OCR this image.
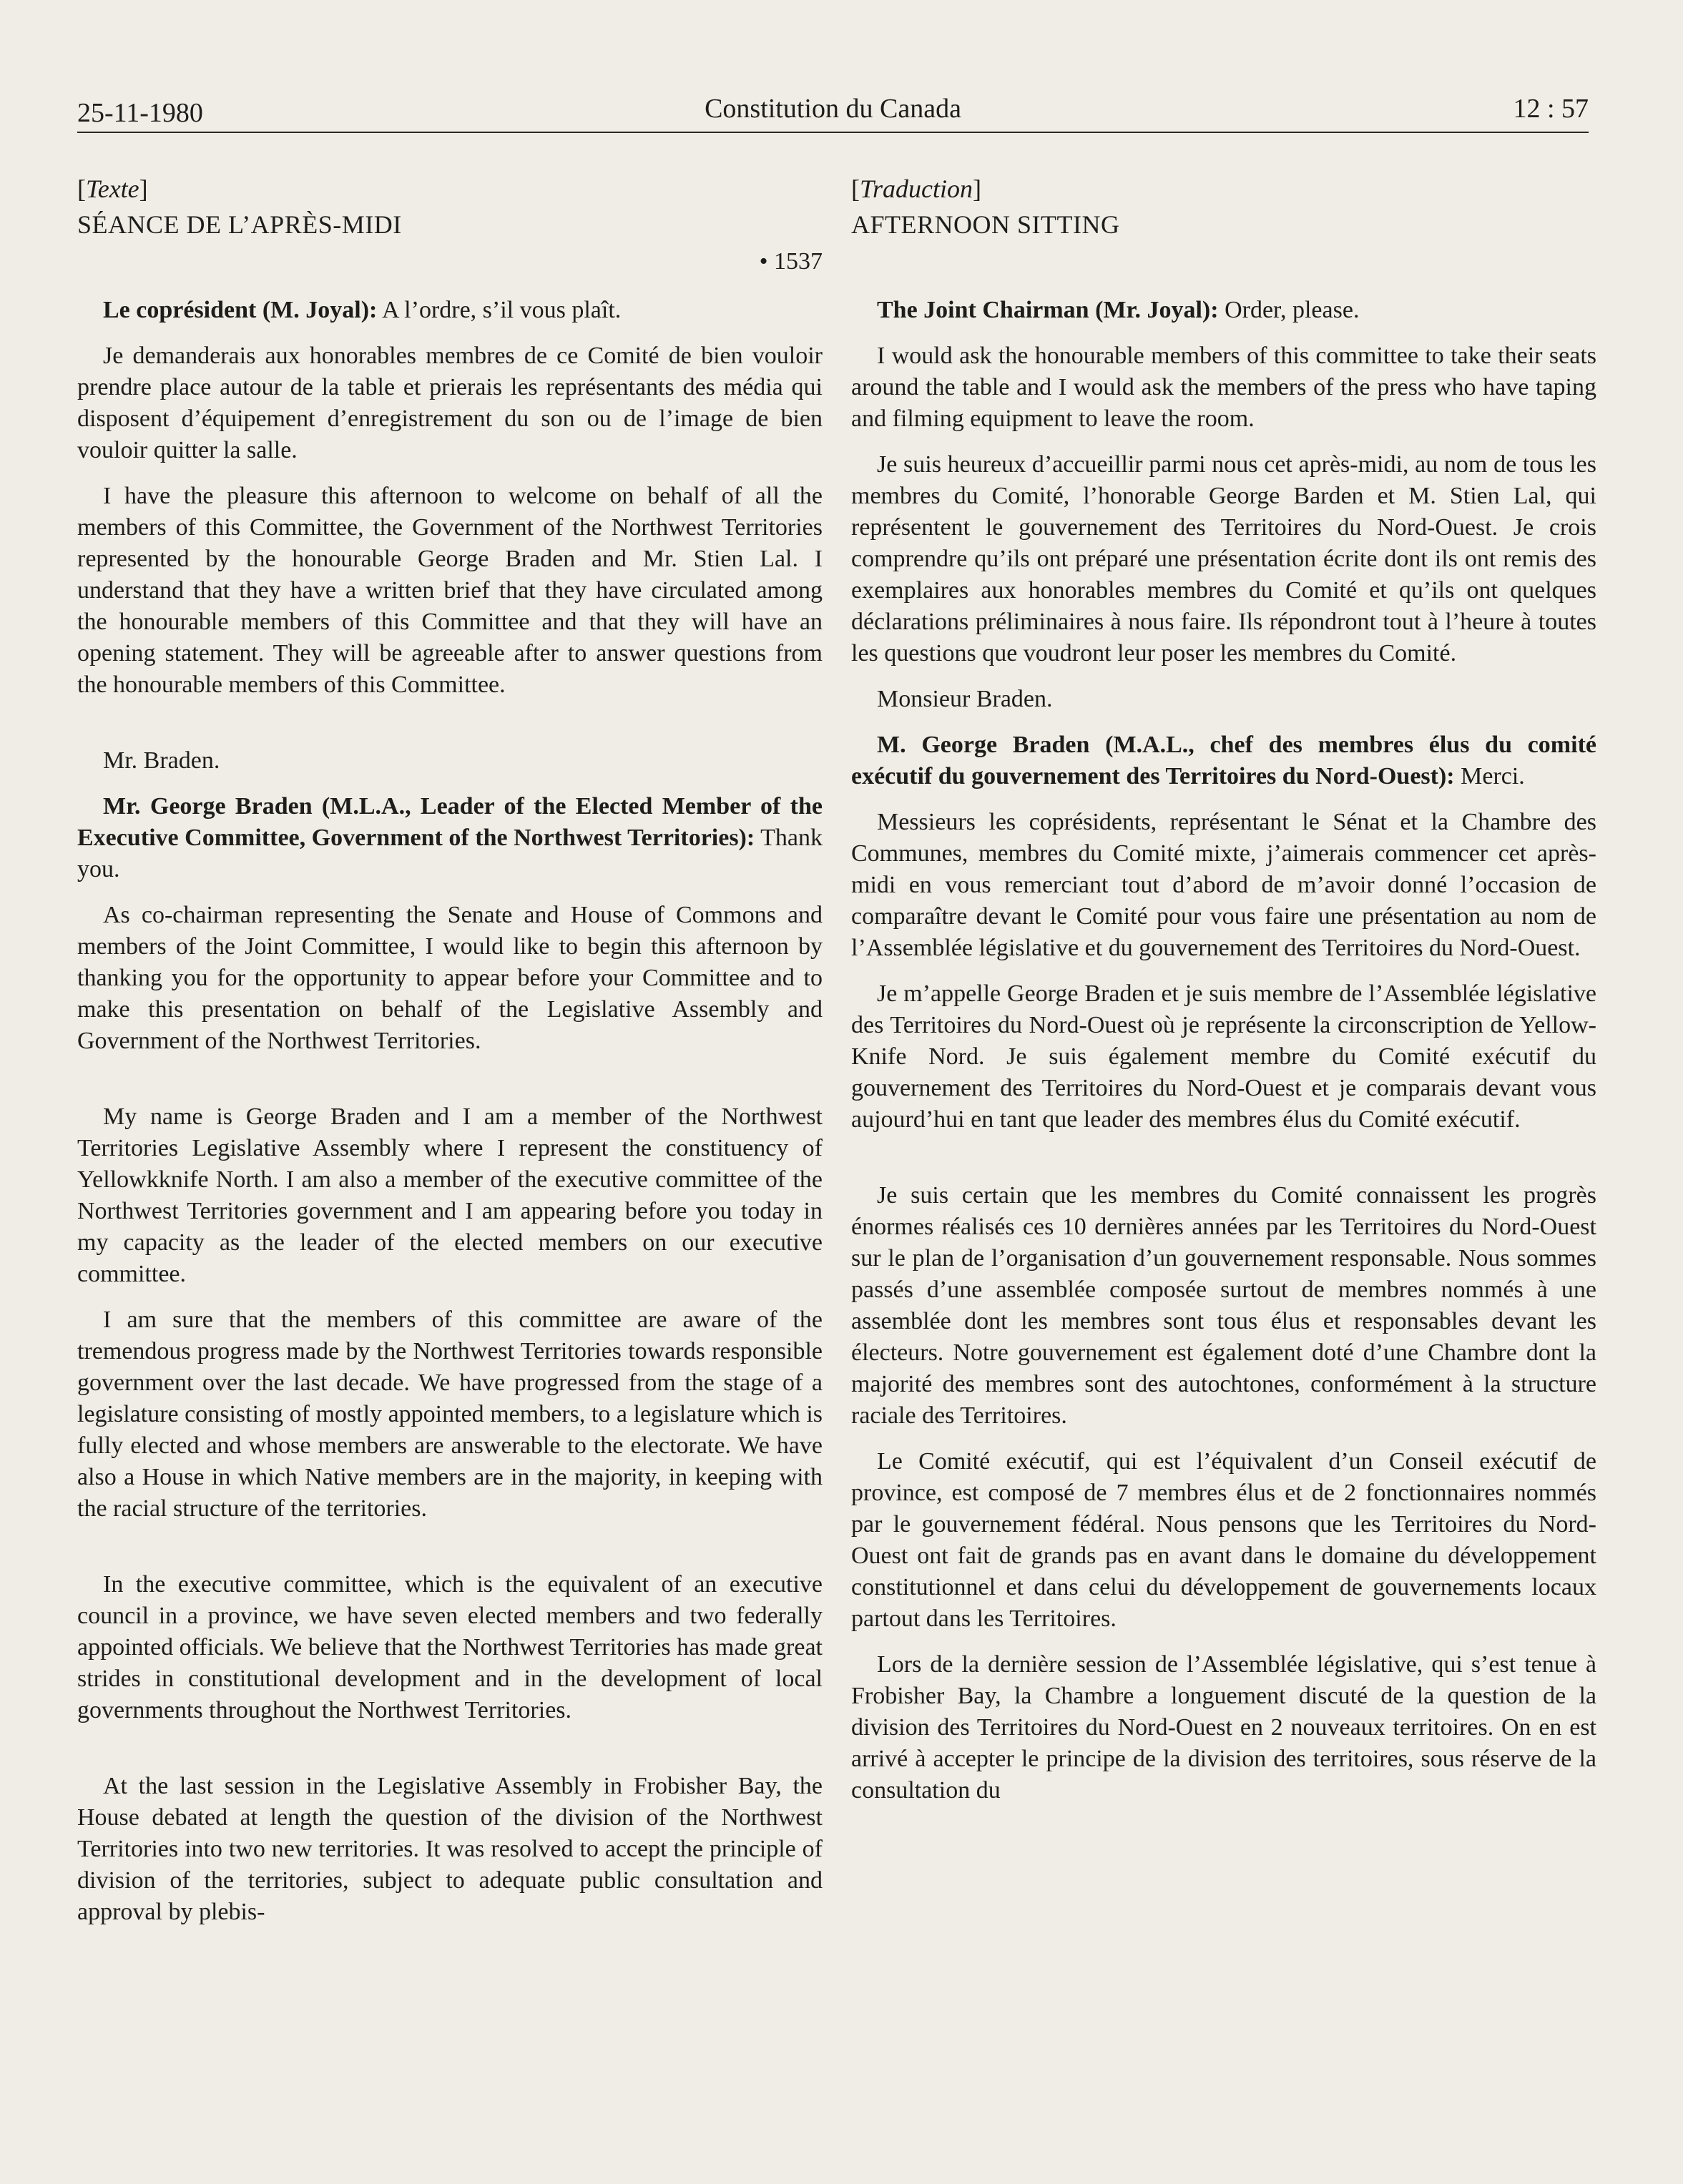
25-11-1980	Constitution du Canada	12 : 57
[Texte]
SÉANCE DE L’APRÈS-MIDI
• 1537

Le coprésident (M. Joyal): A l’ordre, s’il vous plaît.

Je demanderais aux honorables membres de ce Comité de bien vouloir prendre place autour de la table et prierais les représentants des média qui disposent d’équipement d’enregistrement du son ou de l’image de bien vouloir quitter la salle.

I have the pleasure this afternoon to welcome on behalf of all the members of this Committee, the Government of the Northwest Territories represented by the honourable George Braden and Mr. Stien Lal. I understand that they have a written brief that they have circulated among the honourable members of this Committee and that they will have an opening statement. They will be agreeable after to answer questions from the honourable members of this Committee.

Mr. Braden.

Mr. George Braden (M.L.A., Leader of the Elected Member of the Executive Committee, Government of the Northwest Territories): Thank you.

As co-chairman representing the Senate and House of Commons and members of the Joint Committee, I would like to begin this afternoon by thanking you for the opportunity to appear before your Committee and to make this presentation on behalf of the Legislative Assembly and Government of the Northwest Territories.

My name is George Braden and I am a member of the Northwest Territories Legislative Assembly where I represent the constituency of Yellowkknife North. I am also a member of the executive committee of the Northwest Territories government and I am appearing before you today in my capacity as the leader of the elected members on our executive committee.

I am sure that the members of this committee are aware of the tremendous progress made by the Northwest Territories towards responsible government over the last decade. We have progressed from the stage of a legislature consisting of mostly appointed members, to a legislature which is fully elected and whose members are answerable to the electorate. We have also a House in which Native members are in the majority, in keeping with the racial structure of the territories.

In the executive committee, which is the equivalent of an executive council in a province, we have seven elected members and two federally appointed officials. We believe that the Northwest Territories has made great strides in constitutional development and in the development of local governments throughout the Northwest Territories.

At the last session in the Legislative Assembly in Frobisher Bay, the House debated at length the question of the division of the Northwest Territories into two new territories. It was resolved to accept the principle of division of the territories, subject to adequate public consultation and approval by plebis-

[Traduction]
AFTERNOON SITTING

The Joint Chairman (Mr. Joyal): Order, please.

I would ask the honourable members of this committee to take their seats around the table and I would ask the members of the press who have taping and filming equipment to leave the room.

Je suis heureux d’accueillir parmi nous cet après-midi, au nom de tous les membres du Comité, l’honorable George Barden et M. Stien Lal, qui représentent le gouvernement des Territoires du Nord-Ouest. Je crois comprendre qu’ils ont préparé une présentation écrite dont ils ont remis des exemplaires aux honorables membres du Comité et qu’ils ont quelques déclarations préliminaires à nous faire. Ils répondront tout à l’heure à toutes les questions que voudront leur poser les membres du Comité.

Monsieur Braden.

M. George Braden (M.A.L., chef des membres élus du comité exécutif du gouvernement des Territoires du Nord-Ouest): Merci.

Messieurs les coprésidents, représentant le Sénat et la Chambre des Communes, membres du Comité mixte, j’aimerais commencer cet après-midi en vous remerciant tout d’abord de m’avoir donné l’occasion de comparaître devant le Comité pour vous faire une présentation au nom de l’Assemblée législative et du gouvernement des Territoires du Nord-Ouest.

Je m’appelle George Braden et je suis membre de l’Assemblée législative des Territoires du Nord-Ouest où je représente la circonscription de Yellow-Knife Nord. Je suis également membre du Comité exécutif du gouvernement des Territoires du Nord-Ouest et je comparais devant vous aujourd’hui en tant que leader des membres élus du Comité exécutif.

Je suis certain que les membres du Comité connaissent les progrès énormes réalisés ces 10 dernières années par les Territoires du Nord-Ouest sur le plan de l’organisation d’un gouvernement responsable. Nous sommes passés d’une assemblée composée surtout de membres nommés à une assemblée dont les membres sont tous élus et responsables devant les électeurs. Notre gouvernement est également doté d’une Chambre dont la majorité des membres sont des autochtones, conformément à la structure raciale des Territoires.

Le Comité exécutif, qui est l’équivalent d’un Conseil exécutif de province, est composé de 7 membres élus et de 2 fonctionnaires nommés par le gouvernement fédéral. Nous pensons que les Territoires du Nord-Ouest ont fait de grands pas en avant dans le domaine du développement constitutionnel et dans celui du développement de gouvernements locaux partout dans les Territoires.

Lors de la dernière session de l’Assemblée législative, qui s’est tenue à Frobisher Bay, la Chambre a longuement discuté de la question de la division des Territoires du Nord-Ouest en 2 nouveaux territoires. On en est arrivé à accepter le principe de la division des territoires, sous réserve de la consultation du
